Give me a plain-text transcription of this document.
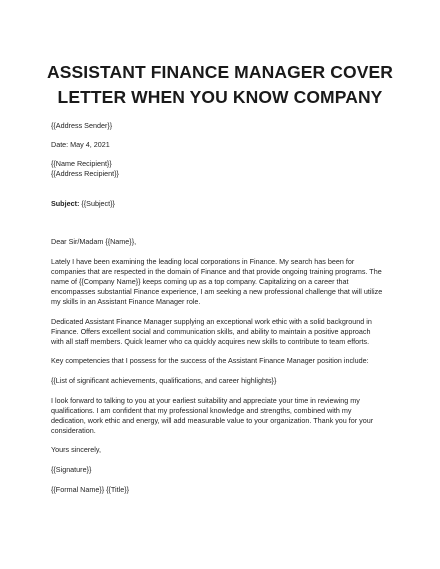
ASSISTANT FINANCE MANAGER COVER LETTER WHEN YOU KNOW COMPANY
{{Address Sender}}
Date: May 4, 2021
{{Name Recipient}}
{{Address Recipient}}
Subject: {{Subject}}
Dear Sir/Madam {{Name}},
Lately I have been examining the leading local corporations in Finance. My search has been for
companies that are respected in the domain of Finance and that provide ongoing training programs. The
name of {{Company Name}} keeps coming up as a top company. Capitalizing on a career that
encompasses substantial Finance experience, I am seeking a new professional challenge that will utilize
my skills in an Assistant Finance Manager role.
Dedicated Assistant Finance Manager supplying an exceptional work ethic with a solid background in
Finance. Offers excellent social and communication skills, and ability to maintain a positive approach
with all staff members. Quick learner who ca quickly acquires new skills to contribute to team efforts.
Key competencies that I possess for the success of the Assistant Finance Manager position include:
{{List of significant achievements, qualifications, and career highlights}}
I look forward to talking to you at your earliest suitability and appreciate your time in reviewing my
qualifications. I am confident that my professional knowledge and strengths, combined with my
dedication, work ethic and energy, will add measurable value to your organization. Thank you for your
consideration.
Yours sincerely,
{{Signature}}
{{Formal Name}} {{Title}}
